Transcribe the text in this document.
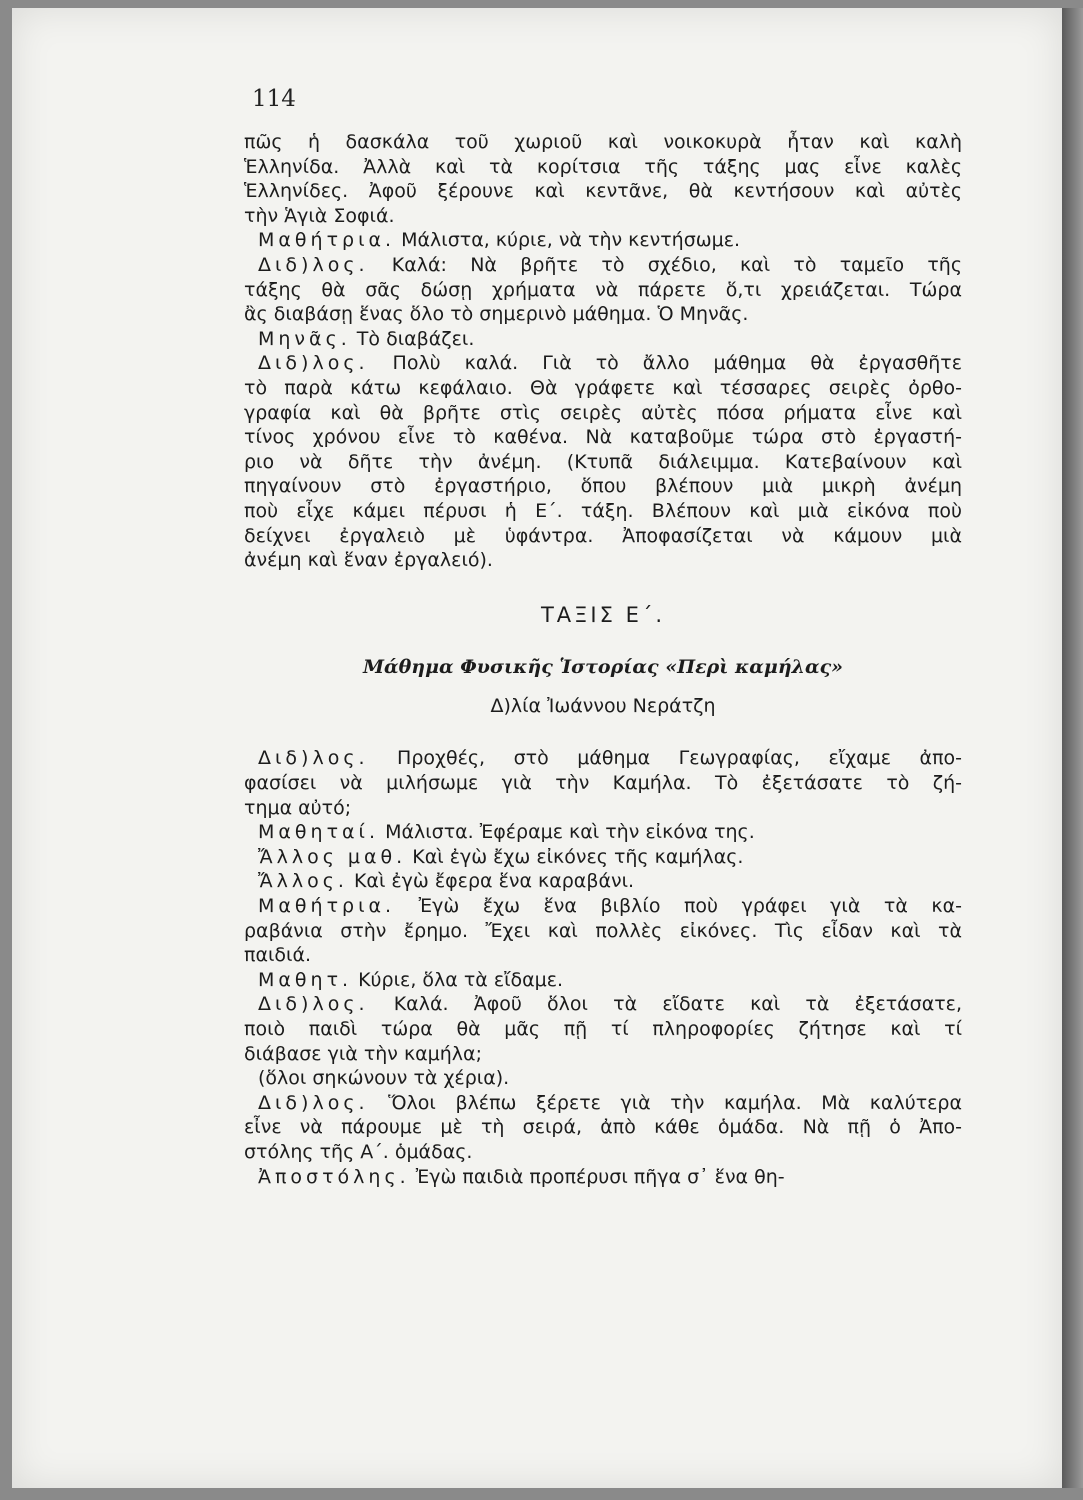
114
πῶς ἡ δασκάλα τοῦ χωριοῦ καὶ νοικοκυρὰ ἦταν καὶ καλὴ
Ἑλληνίδα. Ἀλλὰ καὶ τὰ κορίτσια τῆς τάξης μας εἶνε καλὲς
Ἑλληνίδες. Ἀφοῦ ξέρουνε καὶ κεντᾶνε, θὰ κεντήσουν καὶ αὐτὲς
τὴν Ἁγιὰ Σοφιά.
Μαθήτρια. Μάλιστα, κύριε, νὰ τὴν κεντήσωμε.
Διδ)λος. Καλά: Νὰ βρῆτε τὸ σχέδιο, καὶ τὸ ταμεῖο τῆς
τάξης θὰ σᾶς δώσῃ χρήματα νὰ πάρετε ὅ,τι χρειάζεται. Τώρα
ἂς διαβάσῃ ἕνας ὅλο τὸ σημερινὸ μάθημα. Ὁ Μηνᾶς.
Μηνᾶς. Τὸ διαβάζει.
Διδ)λος. Πολὺ καλά. Γιὰ τὸ ἄλλο μάθημα θὰ ἐργασθῆτε
τὸ παρὰ κάτω κεφάλαιο. Θὰ γράφετε καὶ τέσσαρες σειρὲς ὀρθο-
γραφία καὶ θὰ βρῆτε στὶς σειρὲς αὐτὲς πόσα ρήματα εἶνε καὶ
τίνος χρόνου εἶνε τὸ καθένα. Νὰ καταβοῦμε τώρα στὸ ἐργαστή-
ριο νὰ δῆτε τὴν ἀνέμη. (Κτυπᾶ διάλειμμα. Κατεβαίνουν καὶ
πηγαίνουν στὸ ἐργαστήριο, ὅπου βλέπουν μιὰ μικρὴ ἀνέμη
ποὺ εἶχε κάμει πέρυσι ἡ Ε΄. τάξη. Βλέπουν καὶ μιὰ εἰκόνα ποὺ
δείχνει ἐργαλειὸ μὲ ὑφάντρα. Ἀποφασίζεται νὰ κάμουν μιὰ
ἀνέμη καὶ ἕναν ἐργαλειό).
ΤΑΞΙΣ Ε΄.
Μάθημα Φυσικῆς Ἱστορίας «Περὶ καμήλας»
Δ)λία Ἰωάννου Νεράτζη
Διδ)λος. Προχθές, στὸ μάθημα Γεωγραφίας, εἴχαμε ἀπο-
φασίσει νὰ μιλήσωμε γιὰ τὴν Καμήλα. Τὸ ἐξετάσατε τὸ ζή-
τημα αὐτό;
Μαθηταί. Μάλιστα. Ἐφέραμε καὶ τὴν εἰκόνα της.
Ἄλλος μαθ. Καὶ ἐγὼ ἔχω εἰκόνες τῆς καμήλας.
Ἄλλος. Καὶ ἐγὼ ἔφερα ἕνα καραβάνι.
Μαθήτρια. Ἐγὼ ἔχω ἕνα βιβλίο ποὺ γράφει γιὰ τὰ κα-
ραβάνια στὴν ἔρημο. Ἔχει καὶ πολλὲς εἰκόνες. Τὶς εἶδαν καὶ τὰ
παιδιά.
Μαθητ. Κύριε, ὅλα τὰ εἴδαμε.
Διδ)λος. Καλά. Ἀφοῦ ὅλοι τὰ εἴδατε καὶ τὰ ἐξετάσατε,
ποιὸ παιδὶ τώρα θὰ μᾶς πῇ τί πληροφορίες ζήτησε καὶ τί
διάβασε γιὰ τὴν καμήλα;
(ὅλοι σηκώνουν τὰ χέρια).
Διδ)λος. Ὅλοι βλέπω ξέρετε γιὰ τὴν καμήλα. Μὰ καλύτερα
εἶνε νὰ πάρουμε μὲ τὴ σειρά, ἀπὸ κάθε ὁμάδα. Νὰ πῇ ὁ Ἀπο-
στόλης τῆς Α΄. ὁμάδας.
Ἀποστόλης. Ἐγὼ παιδιὰ προπέρυσι πῆγα σ᾽ ἕνα θη-
